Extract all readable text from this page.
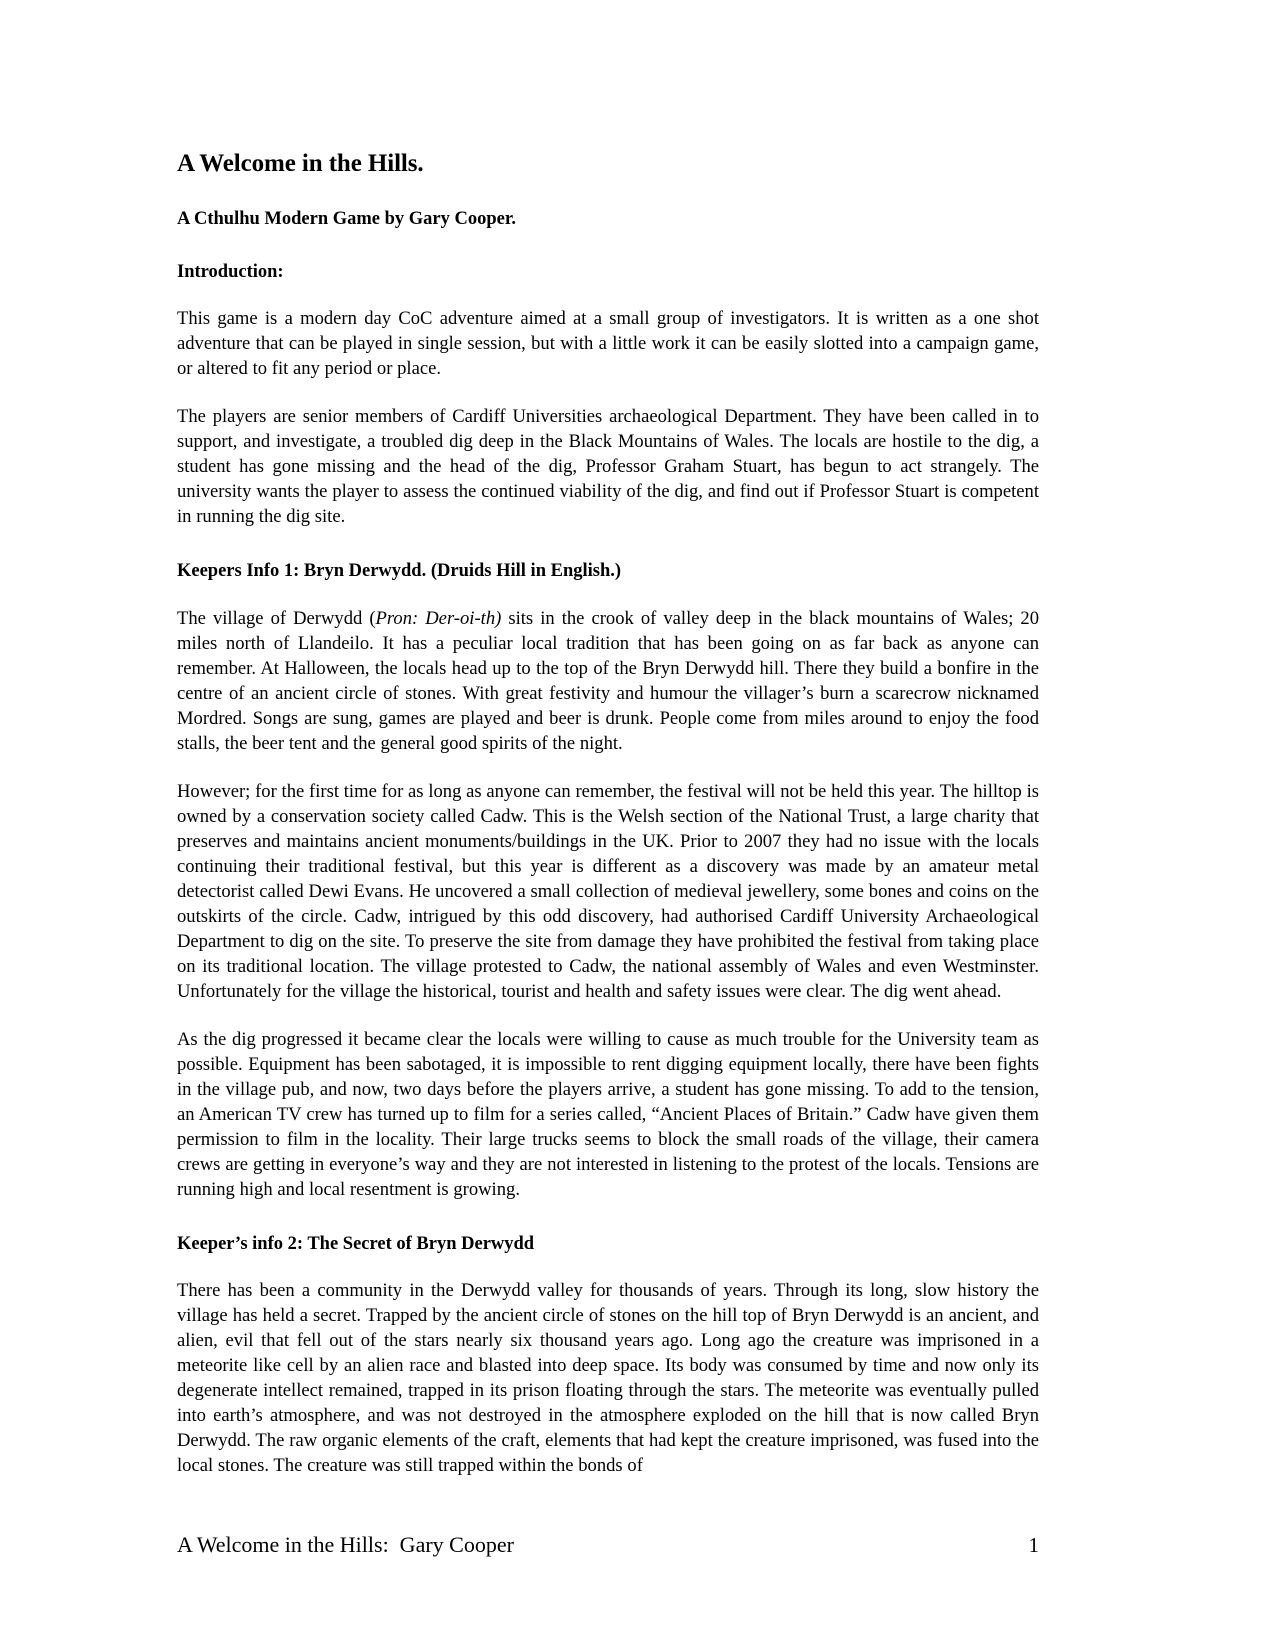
A Welcome in the Hills.
A Cthulhu Modern Game by Gary Cooper.
Introduction:

This game is a modern day CoC adventure aimed at a small group of investigators. It is written as a one shot adventure that can be played in single session, but with a little work it can be easily slotted into a campaign game, or altered to fit any period or place.

The players are senior members of Cardiff Universities archaeological Department. They have been called in to support, and investigate, a troubled dig deep in the Black Mountains of Wales. The locals are hostile to the dig, a student has gone missing and the head of the dig, Professor Graham Stuart, has begun to act strangely. The university wants the player to assess the continued viability of the dig, and find out if Professor Stuart is competent in running the dig site.

Keepers Info 1: Bryn Derwydd. (Druids Hill in English.)

The village of Derwydd (Pron: Der-oi-th) sits in the crook of valley deep in the black mountains of Wales; 20 miles north of Llandeilo. It has a peculiar local tradition that has been going on as far back as anyone can remember. At Halloween, the locals head up to the top of the Bryn Derwydd hill. There they build a bonfire in the centre of an ancient circle of stones. With great festivity and humour the villager’s burn a scarecrow nicknamed Mordred. Songs are sung, games are played and beer is drunk. People come from miles around to enjoy the food stalls, the beer tent and the general good spirits of the night.

However; for the first time for as long as anyone can remember, the festival will not be held this year. The hilltop is owned by a conservation society called Cadw. This is the Welsh section of the National Trust, a large charity that preserves and maintains ancient monuments/buildings in the UK. Prior to 2007 they had no issue with the locals continuing their traditional festival, but this year is different as a discovery was made by an amateur metal detectorist called Dewi Evans. He uncovered a small collection of medieval jewellery, some bones and coins on the outskirts of the circle. Cadw, intrigued by this odd discovery, had authorised Cardiff University Archaeological Department to dig on the site. To preserve the site from damage they have prohibited the festival from taking place on its traditional location. The village protested to Cadw, the national assembly of Wales and even Westminster. Unfortunately for the village the historical, tourist and health and safety issues were clear. The dig went ahead.

As the dig progressed it became clear the locals were willing to cause as much trouble for the University team as possible. Equipment has been sabotaged, it is impossible to rent digging equipment locally, there have been fights in the village pub, and now, two days before the players arrive, a student has gone missing. To add to the tension, an American TV crew has turned up to film for a series called, “Ancient Places of Britain.” Cadw have given them permission to film in the locality. Their large trucks seems to block the small roads of the village, their camera crews are getting in everyone’s way and they are not interested in listening to the protest of the locals. Tensions are running high and local resentment is growing.

Keeper’s info 2: The Secret of Bryn Derwydd

There has been a community in the Derwydd valley for thousands of years. Through its long, slow history the village has held a secret. Trapped by the ancient circle of stones on the hill top of Bryn Derwydd is an ancient, and alien, evil that fell out of the stars nearly six thousand years ago. Long ago the creature was imprisoned in a meteorite like cell by an alien race and blasted into deep space. Its body was consumed by time and now only its degenerate intellect remained, trapped in its prison floating through the stars. The meteorite was eventually pulled into earth’s atmosphere, and was not destroyed in the atmosphere exploded on the hill that is now called Bryn Derwydd. The raw organic elements of the craft, elements that had kept the creature imprisoned, was fused into the local stones. The creature was still trapped within the bonds of

A Welcome in the Hills:  Gary Cooper	1
